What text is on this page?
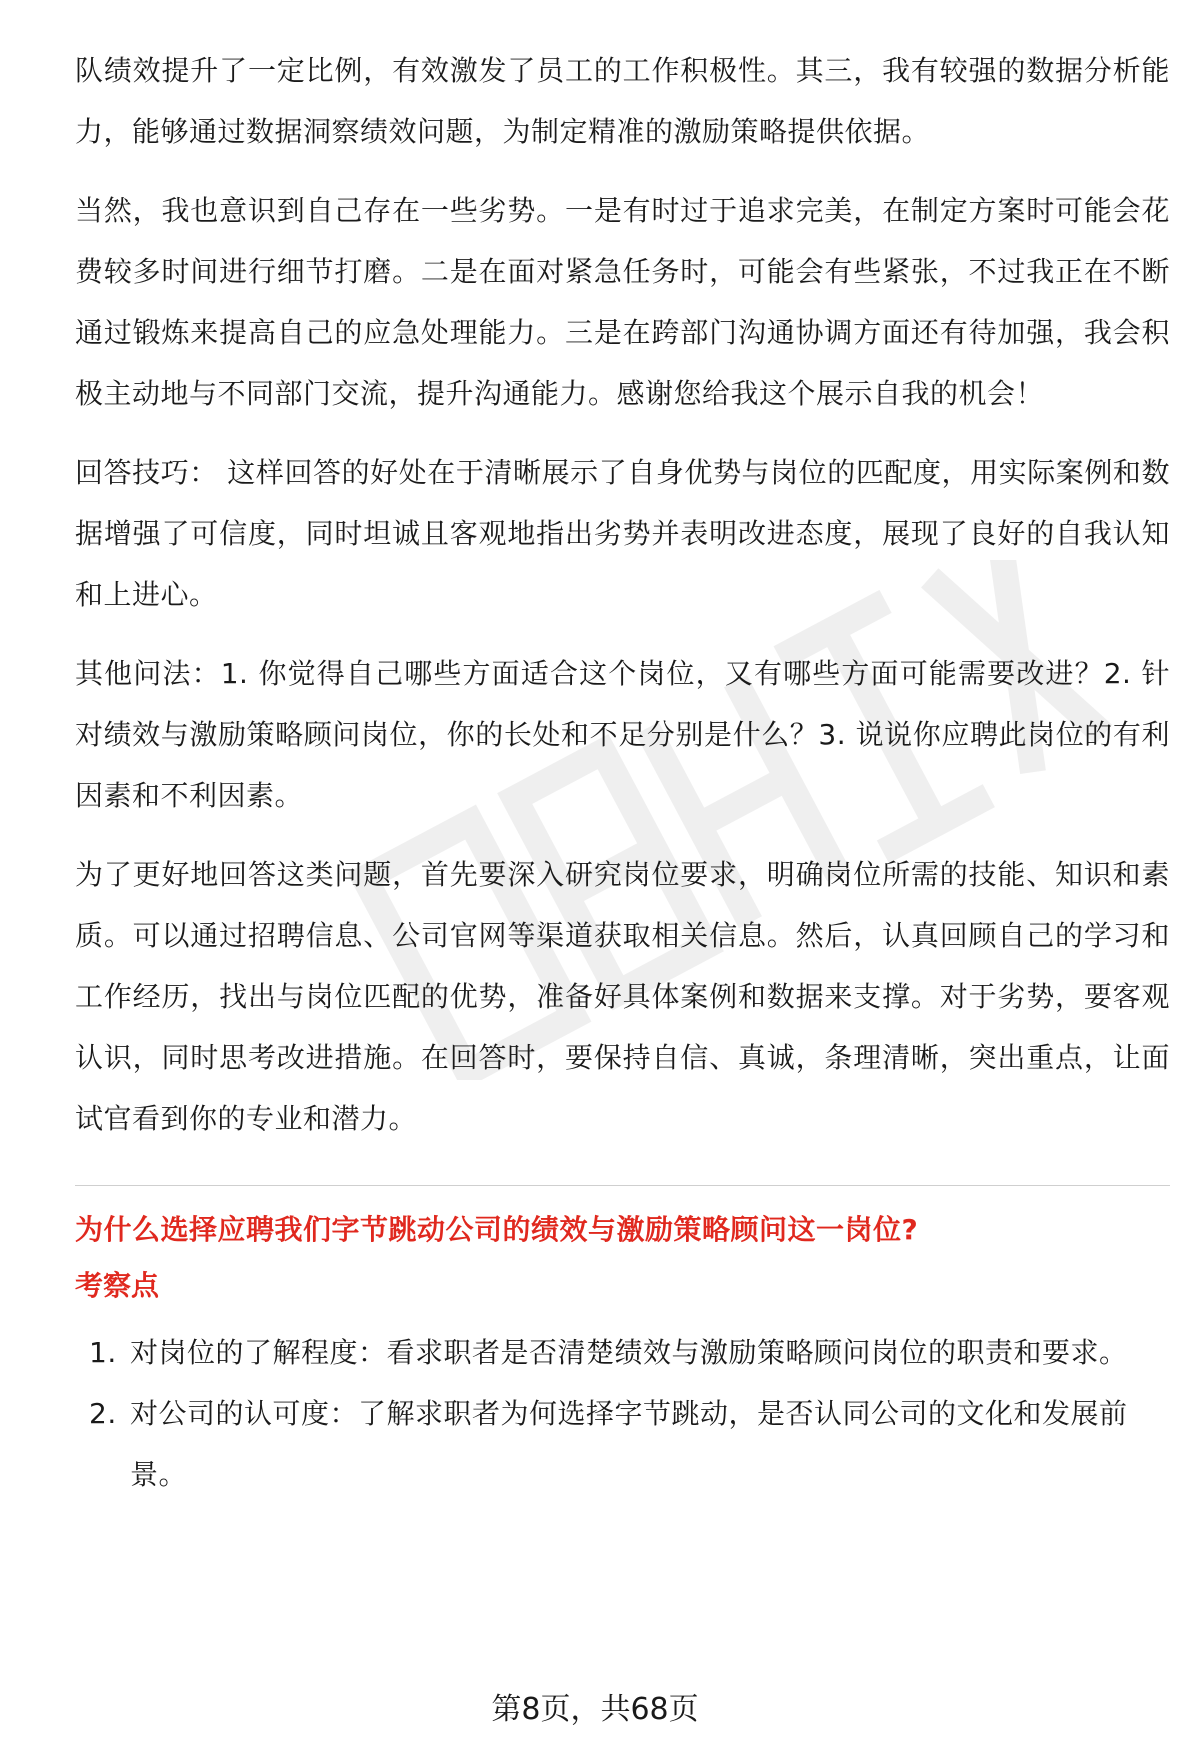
队绩效提升了一定比例，有效激发了员工的工作积极性。其三，我有较强的数据分析能力，能够通过数据洞察绩效问题，为制定精准的激励策略提供依据。

当然，我也意识到自己存在一些劣势。一是有时过于追求完美，在制定方案时可能会花费较多时间进行细节打磨。二是在面对紧急任务时，可能会有些紧张，不过我正在不断通过锻炼来提高自己的应急处理能力。三是在跨部门沟通协调方面还有待加强，我会积极主动地与不同部门交流，提升沟通能力。感谢您给我这个展示自我的机会！

回答技巧： 这样回答的好处在于清晰展示了自身优势与岗位的匹配度，用实际案例和数据增强了可信度，同时坦诚且客观地指出劣势并表明改进态度，展现了良好的自我认知和上进心。

其他问法：1. 你觉得自己哪些方面适合这个岗位，又有哪些方面可能需要改进？2. 针对绩效与激励策略顾问岗位，你的长处和不足分别是什么？3. 说说你应聘此岗位的有利因素和不利因素。

为了更好地回答这类问题，首先要深入研究岗位要求，明确岗位所需的技能、知识和素质。可以通过招聘信息、公司官网等渠道获取相关信息。然后，认真回顾自己的学习和工作经历，找出与岗位匹配的优势，准备好具体案例和数据来支撑。对于劣势，要客观认识，同时思考改进措施。在回答时，要保持自信、真诚，条理清晰，突出重点，让面试官看到你的专业和潜力。

为什么选择应聘我们字节跳动公司的绩效与激励策略顾问这一岗位?

考察点

1. 对岗位的了解程度：看求职者是否清楚绩效与激励策略顾问岗位的职责和要求。
2. 对公司的认可度：了解求职者为何选择字节跳动，是否认同公司的文化和发展前景。
第8页，共68页
